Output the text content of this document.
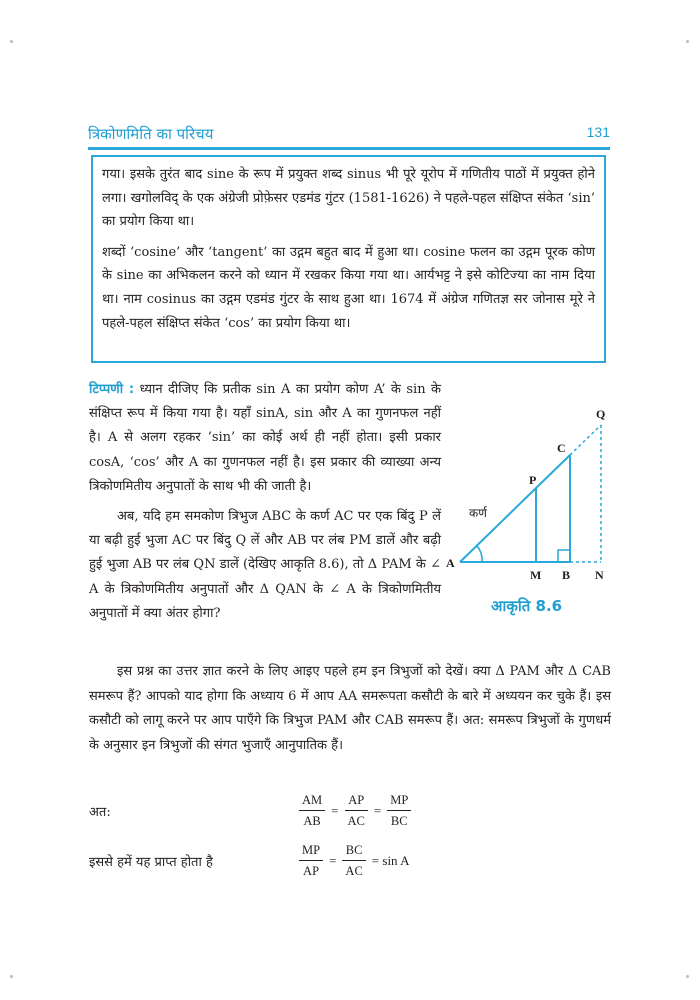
त्रिकोणमिति का परिचय	131

गया। इसके तुरंत बाद sine के रूप में प्रयुक्त शब्द sinus भी पूरे यूरोप में गणितीय पाठों में प्रयुक्त होने लगा। खगोलविद् के एक अंग्रेजी प्रोफ़ेसर एडमंड गुंटर (1581-1626) ने पहले-पहल संक्षिप्त संकेत ‘sin’ का प्रयोग किया था।

शब्दों ‘cosine’ और ‘tangent’ का उद्गम बहुत बाद में हुआ था। cosine फलन का उद्गम पूरक कोण के sine का अभिकलन करने को ध्यान में रखकर किया गया था। आर्यभट्ट ने इसे कोटिज्या का नाम दिया था। नाम cosinus का उद्गम एडमंड गुंटर के साथ हुआ था। 1674 में अंग्रेज गणितज्ञ सर जोनास मूरे ने पहले-पहल संक्षिप्त संकेत ‘cos’ का प्रयोग किया था।

टिप्पणी : ध्यान दीजिए कि प्रतीक sin A का प्रयोग कोण A’ के sin के संक्षिप्त रूप में किया गया है। यहाँ sinA, sin और A का गुणनफल नहीं है। A से अलग रहकर ‘sin’ का कोई अर्थ ही नहीं होता। इसी प्रकार cosA, ‘cos’ और A का गुणनफल नहीं है। इस प्रकार की व्याख्या अन्य त्रिकोणमितीय अनुपातों के साथ भी की जाती है।

अब, यदि हम समकोण त्रिभुज ABC के कर्ण AC पर एक बिंदु P लें या बढ़ी हुई भुजा AC पर बिंदु Q लें और AB पर लंब PM डालें और बढ़ी हुई भुजा AB पर लंब QN डालें (देखिए आकृति 8.6), तो Δ PAM के ∠ A के त्रिकोणमितीय अनुपातों और Δ QAN के ∠ A के त्रिकोणमितीय अनुपातों में क्या अंतर होगा?

A
M B N
P
C
Q
कर्ण
आकृति 8.6

इस प्रश्न का उत्तर ज्ञात करने के लिए आइए पहले हम इन त्रिभुजों को देखें। क्या Δ PAM और Δ CAB समरूप हैं? आपको याद होगा कि अध्याय 6 में आप AA समरूपता कसौटी के बारे में अध्ययन कर चुके हैं। इस कसौटी को लागू करने पर आप पाएँगे कि त्रिभुज PAM और CAB समरूप हैं। अत: समरूप त्रिभुजों के गुणधर्म के अनुसार इन त्रिभुजों की संगत भुजाएँ आनुपातिक हैं।

अत:	$\frac{AM}{AB} = \frac{AP}{AC} = \frac{MP}{BC}$
इससे हमें यह प्राप्त होता है	$\frac{MP}{AP} = \frac{BC}{AC} = \sin A$
